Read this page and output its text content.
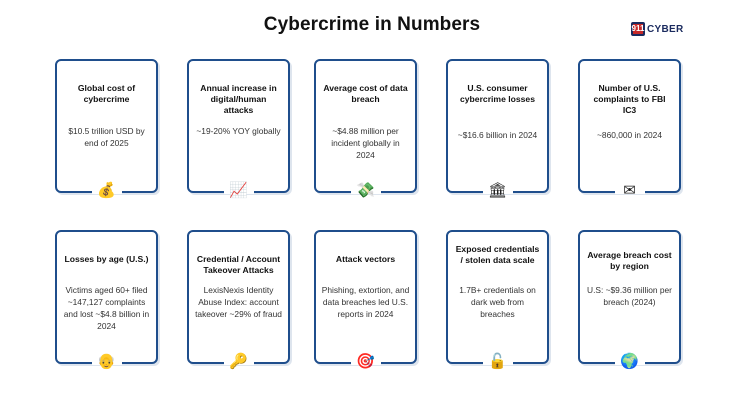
Cybercrime in Numbers	911 CYBER
Global cost of cybercrime
$10.5 trillion USD by end of 2025
💰
Annual increase in digital/human attacks
~19-20% YOY globally
📈
Average cost of data breach
~$4.88 million per incident globally in 2024
💸
U.S. consumer cybercrime losses
~$16.6 billion in 2024
🏛
Number of U.S. complaints to FBI IC3
~860,000 in 2024
✉
Losses by age (U.S.)
Victims aged 60+ filed ~147,127 complaints and lost ~$4.8 billion in 2024
👴
Credential / Account Takeover Attacks
LexisNexis Identity Abuse Index: account takeover ~29% of fraud
🔑
Attack vectors
Phishing, extortion, and data breaches led U.S. reports in 2024
🎯
Exposed credentials / stolen data scale
1.7B+ credentials on dark web from breaches
🔓
Average breach cost by region
U.S: ~$9.36 million per breach (2024)
🌍
